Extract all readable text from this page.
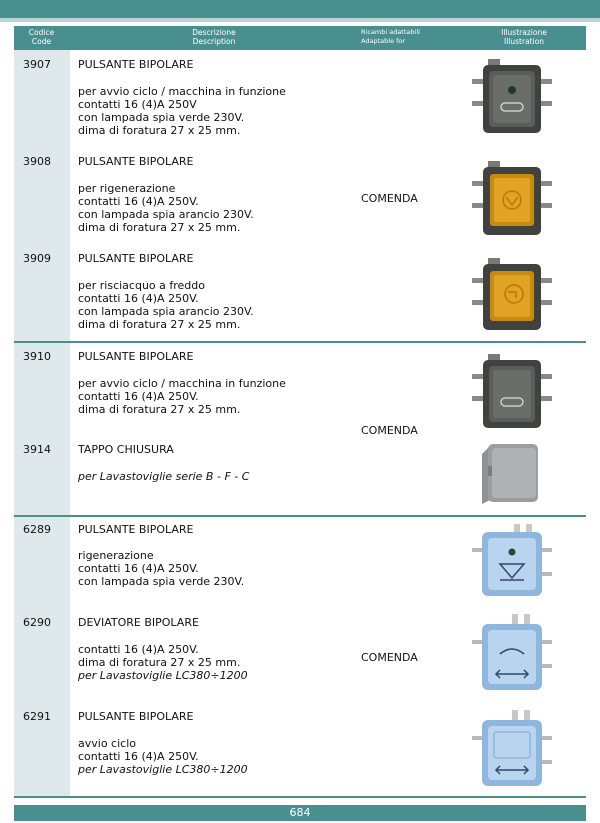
Codice
Code
Descrizione
Description
Ricambi adattabili
Adaptable for
Illustrazione
Illustration
3907 PULSANTE BIPOLARE
per avvio ciclo / macchina in funzione
contatti 16 (4)A 250V
con lampada spia verde 230V.
dima di foratura 27 x 25 mm.
3908 PULSANTE BIPOLARE
per rigenerazione
contatti 16 (4)A 250V.
con lampada spia arancio 230V.
dima di foratura 27 x 25 mm.
COMENDA
3909 PULSANTE BIPOLARE
per risciacquo a freddo
contatti 16 (4)A 250V.
con lampada spia arancio 230V.
dima di foratura 27 x 25 mm.
3910 PULSANTE BIPOLARE
per avvio ciclo / macchina in funzione
contatti 16 (4)A 250V.
dima di foratura 27 x 25 mm.
COMENDA
3914 TAPPO CHIUSURA
per Lavastoviglie serie B - F - C
6289 PULSANTE BIPOLARE
rigenerazione
contatti 16 (4)A 250V.
con lampada spia verde 230V.
6290 DEVIATORE BIPOLARE
contatti 16 (4)A 250V.
dima di foratura 27 x 25 mm.
per Lavastoviglie LC380÷1200
COMENDA
6291 PULSANTE BIPOLARE
avvio ciclo
contatti 16 (4)A 250V.
per Lavastoviglie LC380÷1200
684
